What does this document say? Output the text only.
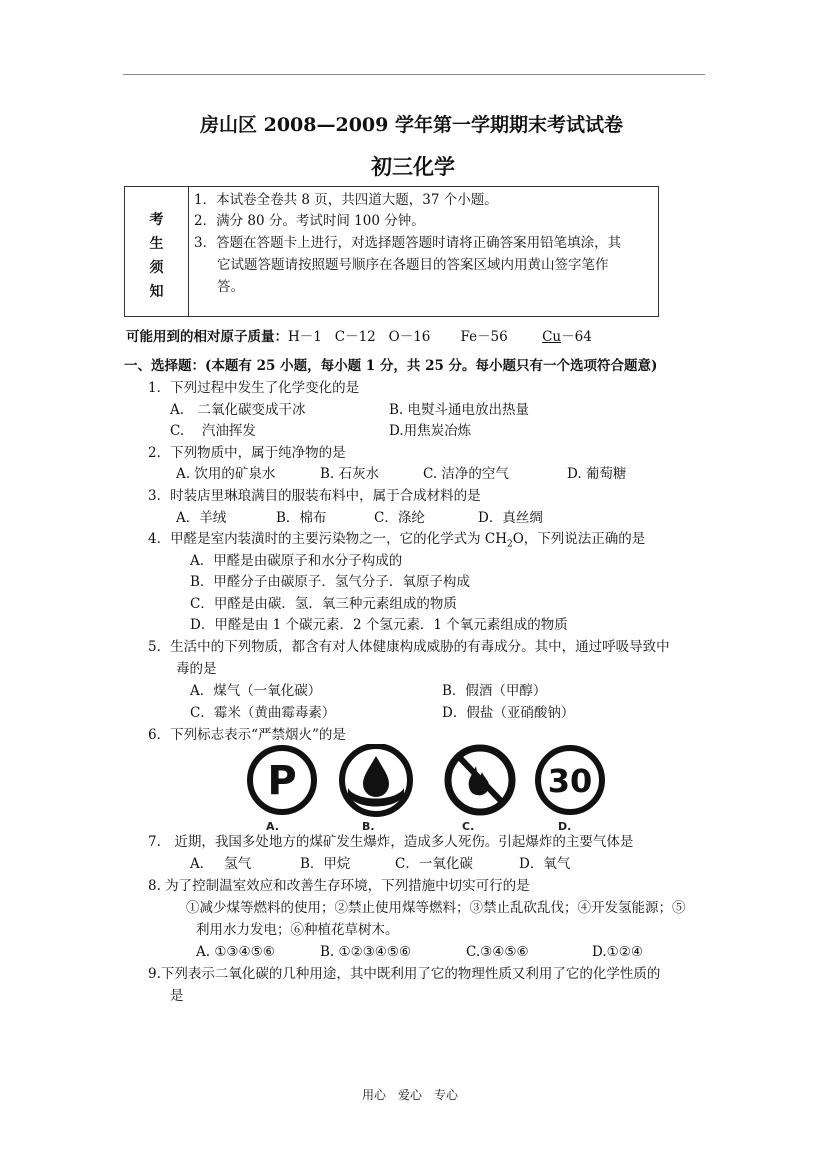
房山区 2008—2009 学年第一学期期末考试试卷
初三化学
考
生
须
知
1．本试卷全卷共 8 页，共四道大题，37 个小题。
2．满分 80 分。考试时间 100 分钟。
3．答题在答题卡上进行，对选择题答题时请将正确答案用铅笔填涂，其
它试题答题请按照题号顺序在各题目的答案区域内用黄山签字笔作
答。
可能用到的相对原子质量：H－1 C－12 O－16 Fe－56	Cu－64
一、选择题：(本题有 25 小题，每小题 1 分，共 25 分。每小题只有一个选项符合题意)
1．下列过程中发生了化学变化的是
A.　二氧化碳变成干冰	B. 电熨斗通电放出热量
C.　 汽油挥发	D.用焦炭冶炼
2．下列物质中，属于纯净物的是
A. 饮用的矿泉水	B. 石灰水	C. 洁净的空气	D. 葡萄糖
3．时装店里琳琅满目的服装布料中，属于合成材料的是
A．羊绒	B．棉布	C．涤纶	D．真丝绸
4．甲醛是室内装潢时的主要污染物之一，它的化学式为 $CH_2O$，下列说法正确的是
A．甲醛是由碳原子和水分子构成的
B．甲醛分子由碳原子．氢气分子．氧原子构成
C．甲醛是由碳．氢．氧三种元素组成的物质
D．甲醛是由 1 个碳元素．2 个氢元素．1 个氧元素组成的物质
5．生活中的下列物质，都含有对人体健康构成威胁的有毒成分。其中，通过呼吸导致中
毒的是
A．煤气（一氧化碳）	B．假酒（甲醇）
C．霉米（黄曲霉毒素）	D．假盐（亚硝酸钠）
6．下列标志表示“严禁烟火”的是
P	30
A.	B.	C.	D.
7.　近期，我国多处地方的煤矿发生爆炸，造成多人死伤。引起爆炸的主要气体是
A．　 氢气	B．甲烷	C．一氧化碳	D．氧气
8. 为了控制温室效应和改善生存环境，下列措施中切实可行的是
①减少煤等燃料的使用；②禁止使用煤等燃料；③禁止乱砍乱伐；④开发氢能源；⑤
利用水力发电；⑥种植花草树木。
A. ①③④⑤⑥	B. ①②③④⑤⑥	C.③④⑤⑥	D.①②④
9.下列表示二氧化碳的几种用途，其中既利用了它的物理性质又利用了它的化学性质的
是
用心　爱心　专心
